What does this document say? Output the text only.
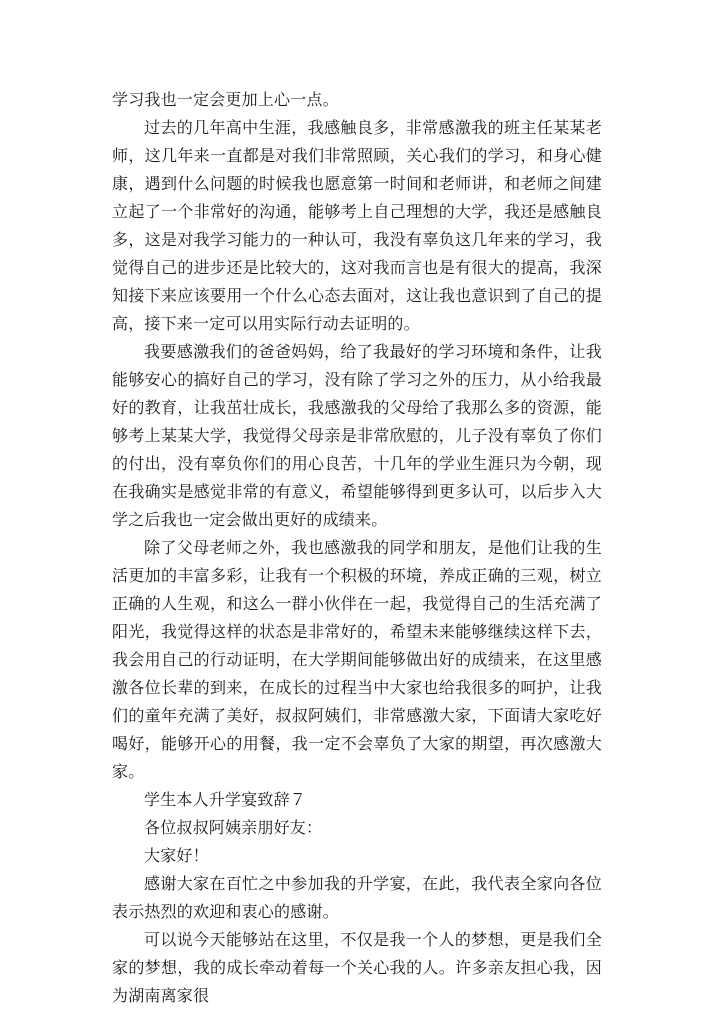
学习我也一定会更加上心一点。

过去的几年高中生涯，我感触良多，非常感激我的班主任某某老师，这几年来一直都是对我们非常照顾，关心我们的学习，和身心健康，遇到什么问题的时候我也愿意第一时间和老师讲，和老师之间建立起了一个非常好的沟通，能够考上自己理想的大学，我还是感触良多，这是对我学习能力的一种认可，我没有辜负这几年来的学习，我觉得自己的进步还是比较大的，这对我而言也是有很大的提高，我深知接下来应该要用一个什么心态去面对，这让我也意识到了自己的提高，接下来一定可以用实际行动去证明的。

我要感激我们的爸爸妈妈，给了我最好的学习环境和条件，让我能够安心的搞好自己的学习，没有除了学习之外的压力，从小给我最好的教育，让我茁壮成长，我感激我的父母给了我那么多的资源，能够考上某某大学，我觉得父母亲是非常欣慰的，儿子没有辜负了你们的付出，没有辜负你们的用心良苦，十几年的学业生涯只为今朝，现在我确实是感觉非常的有意义，希望能够得到更多认可，以后步入大学之后我也一定会做出更好的成绩来。

除了父母老师之外，我也感激我的同学和朋友，是他们让我的生活更加的丰富多彩，让我有一个积极的环境，养成正确的三观，树立正确的人生观，和这么一群小伙伴在一起，我觉得自己的生活充满了阳光，我觉得这样的状态是非常好的，希望未来能够继续这样下去，我会用自己的行动证明，在大学期间能够做出好的成绩来，在这里感激各位长辈的到来，在成长的过程当中大家也给我很多的呵护，让我们的童年充满了美好，叔叔阿姨们，非常感激大家，下面请大家吃好喝好，能够开心的用餐，我一定不会辜负了大家的期望，再次感激大家。

学生本人升学宴致辞７

各位叔叔阿姨亲朋好友：

大家好！

感谢大家在百忙之中参加我的升学宴，在此，我代表全家向各位表示热烈的欢迎和衷心的感谢。

可以说今天能够站在这里，不仅是我一个人的梦想，更是我们全家的梦想，我的成长牵动着每一个关心我的人。许多亲友担心我，因为湖南离家很
